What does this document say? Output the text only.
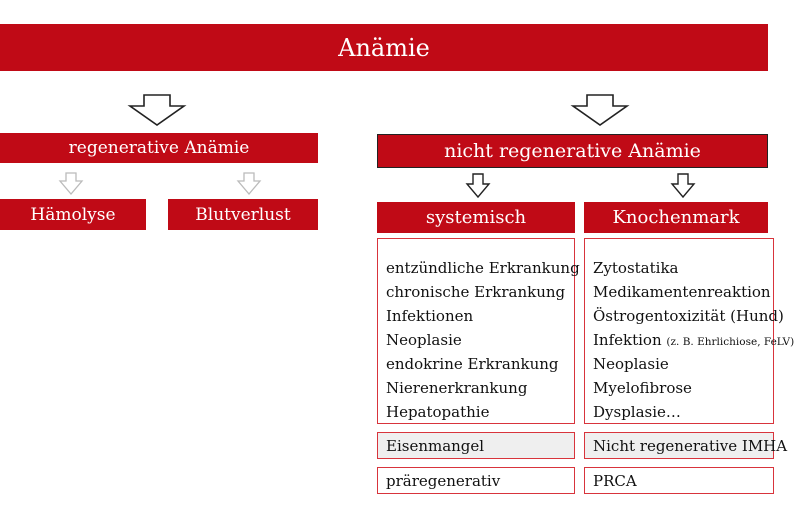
Anämie
regenerative Anämie	nicht regenerative Anämie
Hämolyse	Blutverlust	systemisch	Knochenmark
entzündliche Erkrankung
chronische Erkrankung
Infektionen
Neoplasie
endokrine Erkrankung
Nierenerkrankung
Hepatopathie
Zytostatika
Medikamentenreaktion
Östrogentoxizität (Hund)
Infektion (z. B. Ehrlichiose, FeLV)
Neoplasie
Myelofibrose
Dysplasie…
Eisenmangel	Nicht regenerative IMHA
präregenerativ	PRCA
